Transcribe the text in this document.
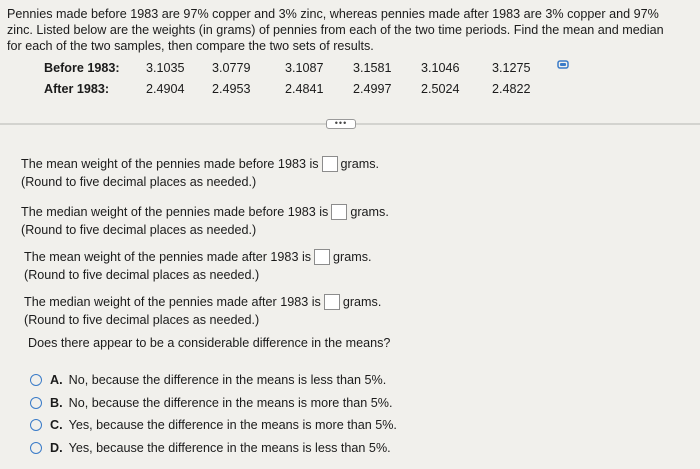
Pennies made before 1983 are 97% copper and 3% zinc, whereas pennies made after 1983 are 3% copper and 97%
zinc. Listed below are the weights (in grams) of pennies from each of the two time periods. Find the mean and median
for each of the two samples, then compare the two sets of results.
Before 1983: 3.1035 3.0779	3.1087 3.1581 3.1046	3.1275
After 1983:	2.4904 2.4953	2.4841 2.4997 2.5024	2.4822
•••
The mean weight of the pennies made before 1983 is grams.
(Round to five decimal places as needed.)
The median weight of the pennies made before 1983 is grams.
(Round to five decimal places as needed.)
The mean weight of the pennies made after 1983 is grams.
(Round to five decimal places as needed.)
The median weight of the pennies made after 1983 is grams.
(Round to five decimal places as needed.)
Does there appear to be a considerable difference in the means?
A. No, because the difference in the means is less than 5%.
B. No, because the difference in the means is more than 5%.
C. Yes, because the difference in the means is more than 5%.
D. Yes, because the difference in the means is less than 5%.
